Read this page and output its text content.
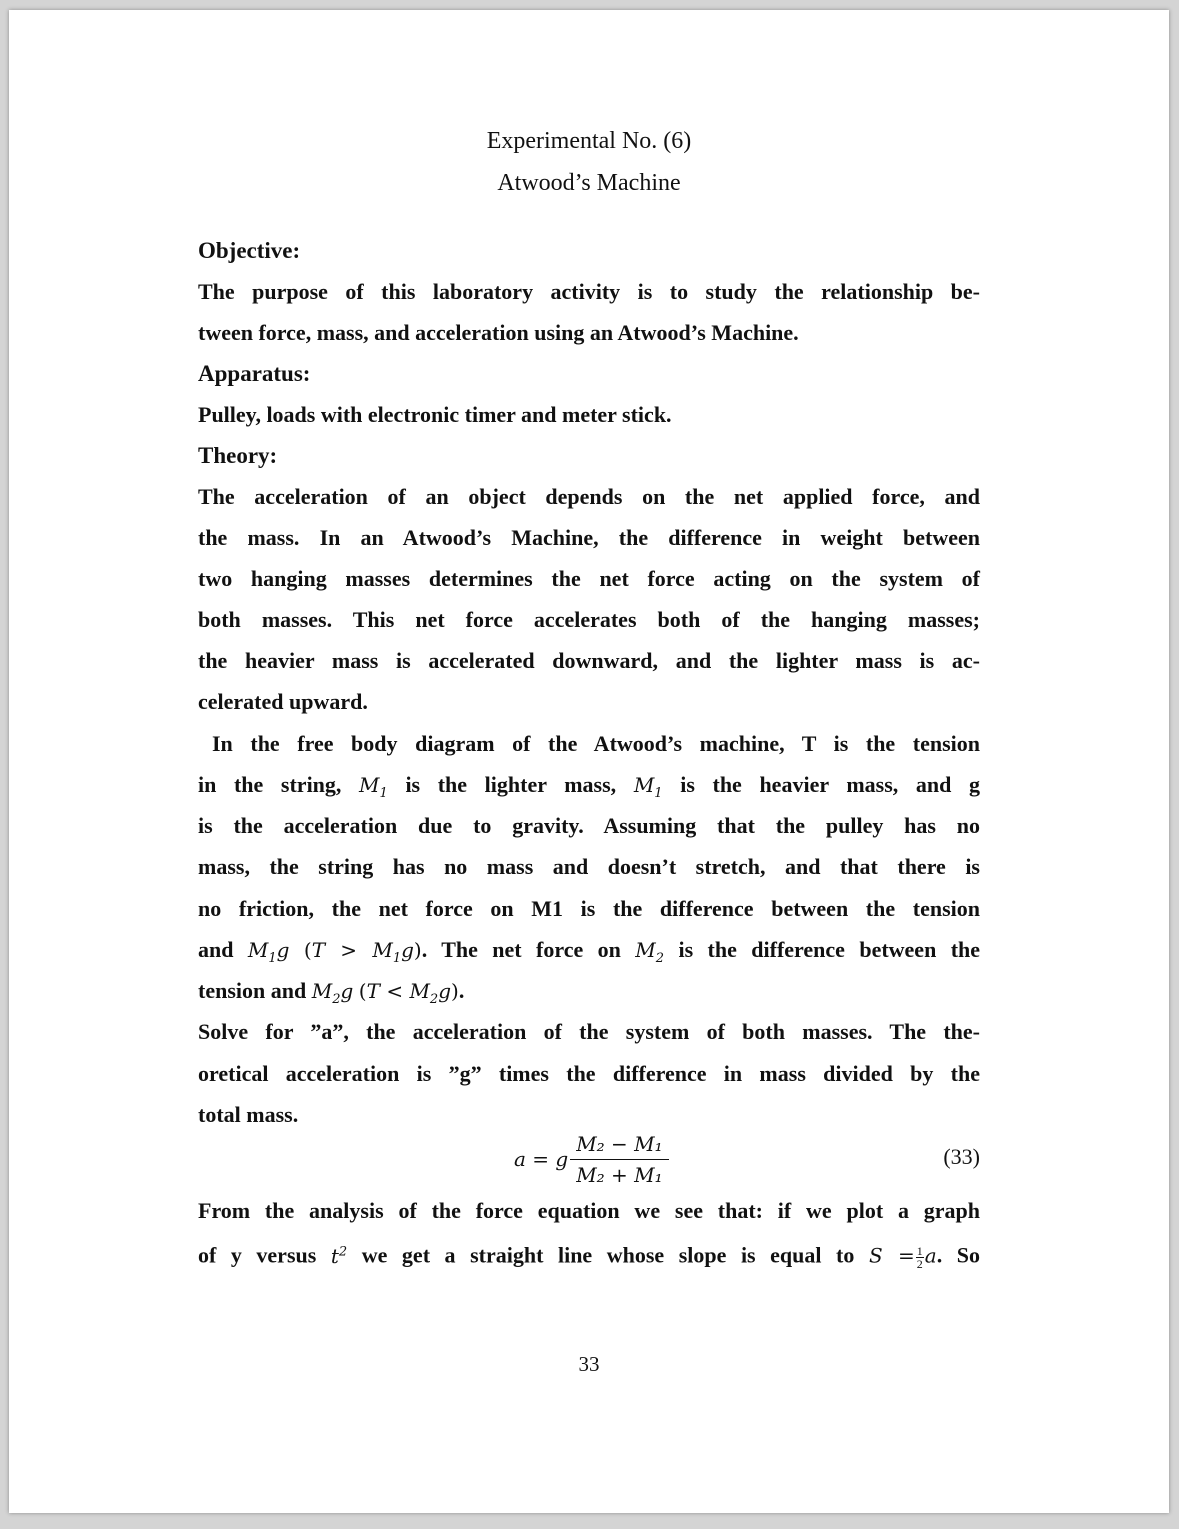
Experimental No. (6)
Atwood’s Machine
Objective:
The purpose of this laboratory activity is to study the relationship be-
tween force, mass, and acceleration using an Atwood’s Machine.
Apparatus:
Pulley, loads with electronic timer and meter stick.
Theory:
The acceleration of an object depends on the net applied force, and
the mass. In an Atwood’s Machine, the difference in weight between
two hanging masses determines the net force acting on the system of
both masses. This net force accelerates both of the hanging masses;
the heavier mass is accelerated downward, and the lighter mass is ac-
celerated upward.
In the free body diagram of the Atwood’s machine, T is the tension
in the string, $M_1$ is the lighter mass, $M_1$ is the heavier mass, and g
is the acceleration due to gravity. Assuming that the pulley has no
mass, the string has no mass and doesn’t stretch, and that there is
no friction, the net force on M1 is the difference between the tension
and $M_1g$ $(T > M_1g)$. The net force on $M_2$ is the difference between the
tension and $M_2g$ $(T < M_2g)$.
Solve for ”a”, the acceleration of the system of both masses. The the-
oretical acceleration is ”g” times the difference in mass divided by the
total mass.
a = g $\frac{\text{M₂ − M₁}}{\text{M₂ + M₁}}$	(33)
From the analysis of the force equation we see that: if we plot a graph
of y versus $t^2$ we get a straight line whose slope is equal to $S = \frac{1}{2} a$. So
33
